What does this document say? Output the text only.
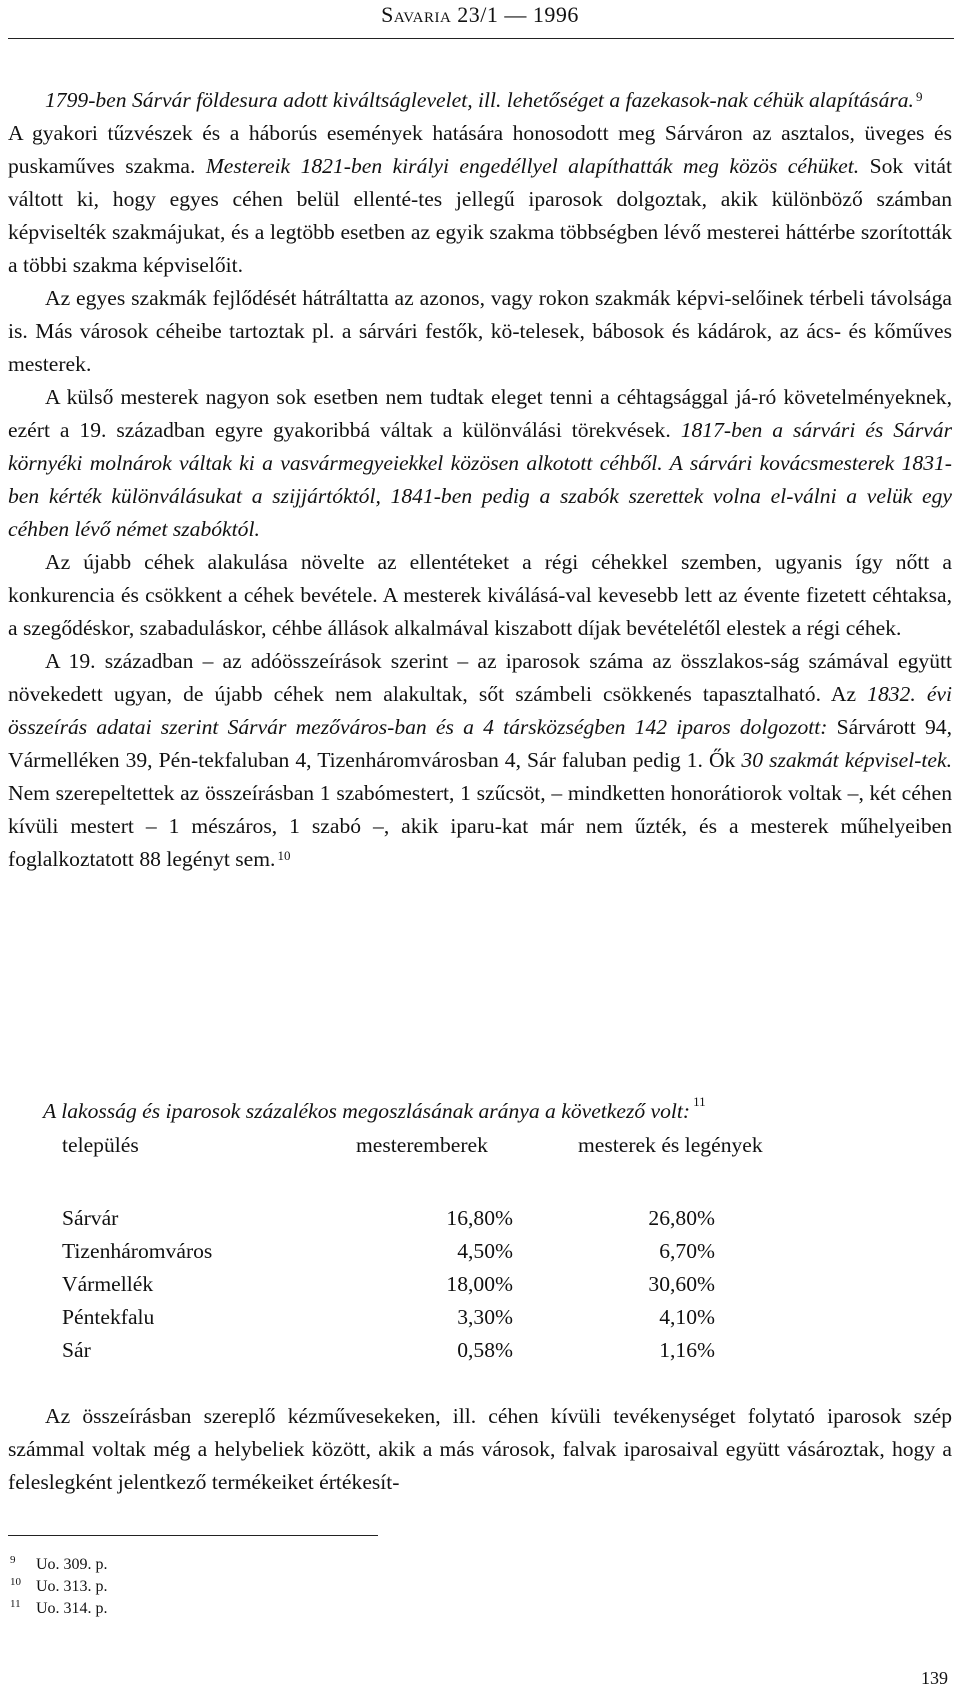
Savaria 23/1 — 1996

1799-ben Sárvár földesura adott kiváltságlevelet, ill. lehetőséget a fazekasok-nak céhük alapítására. $^9$
A gyakori tűzvészek és a háborús események hatására honosodott meg Sárváron az asztalos, üveges és puskaműves szakma. Mestereik 1821-ben királyi engedéllyel alapíthatták meg közös céhüket. Sok vitát váltott ki, hogy egyes céhen belül ellenté-tes jellegű iparosok dolgoztak, akik különböző számban képviselték szakmájukat, és a legtöbb esetben az egyik szakma többségben lévő mesterei háttérbe szorították a többi szakma képviselőit.

Az egyes szakmák fejlődését hátráltatta az azonos, vagy rokon szakmák képvi-selőinek térbeli távolsága is. Más városok céheibe tartoztak pl. a sárvári festők, kö-telesek, bábosok és kádárok, az ács- és kőműves mesterek.

A külső mesterek nagyon sok esetben nem tudtak eleget tenni a céhtagsággal já-ró követelményeknek, ezért a 19. században egyre gyakoribbá váltak a különválási törekvések. 1817-ben a sárvári és Sárvár környéki molnárok váltak ki a vasvármegyeiekkel közösen alkotott céhből. A sárvári kovácsmesterek 1831-ben kérték különválásukat a szijjártóktól, 1841-ben pedig a szabók szerettek volna el-válni a velük egy céhben lévő német szabóktól.

Az újabb céhek alakulása növelte az ellentéteket a régi céhekkel szemben, ugyanis így nőtt a konkurencia és csökkent a céhek bevétele. A mesterek kiválásá-val kevesebb lett az évente fizetett céhtaksa, a szegődéskor, szabaduláskor, céhbe állások alkalmával kiszabott díjak bevételétől elestek a régi céhek.

A 19. században – az adóösszeírások szerint – az iparosok száma az összlakos-ság számával együtt növekedett ugyan, de újabb céhek nem alakultak, sőt számbeli csökkenés tapasztalható. Az 1832. évi összeírás adatai szerint Sárvár mezőváros-ban és a 4 társközségben 142 iparos dolgozott: Sárvárott 94, Vármelléken 39, Pén-tekfaluban 4, Tizenháromvárosban 4, Sár faluban pedig 1. Ők 30 szakmát képvisel-tek. Nem szerepeltettek az összeírásban 1 szabómestert, 1 szűcsöt, – mindketten honorátiorok voltak –, két céhen kívüli mestert – 1 mészáros, 1 szabó –, akik iparu-kat már nem űzték, és a mesterek műhelyeiben foglalkoztatott 88 legényt sem. $^{10}$

A lakosság és iparosok százalékos megoszlásának aránya a következő volt: $^{11}$
település	mesteremberek	mesterek és legények
Sárvár	16,80%	26,80%
Tizenháromváros	4,50%	6,70%
Vármellék	18,00%	30,60%
Péntekfalu	3,30%	4,10%
Sár	0,58%	1,16%

Az összeírásban szereplő kézművesekeken, ill. céhen kívüli tevékenységet folytató iparosok szép számmal voltak még a helybeliek között, akik a más városok, falvak iparosaival együtt vásároztak, hogy a feleslegként jelentkező termékeiket értékesít-

9 Uo. 309. p.
10 Uo. 313. p.
11 Uo. 314. p.
139
